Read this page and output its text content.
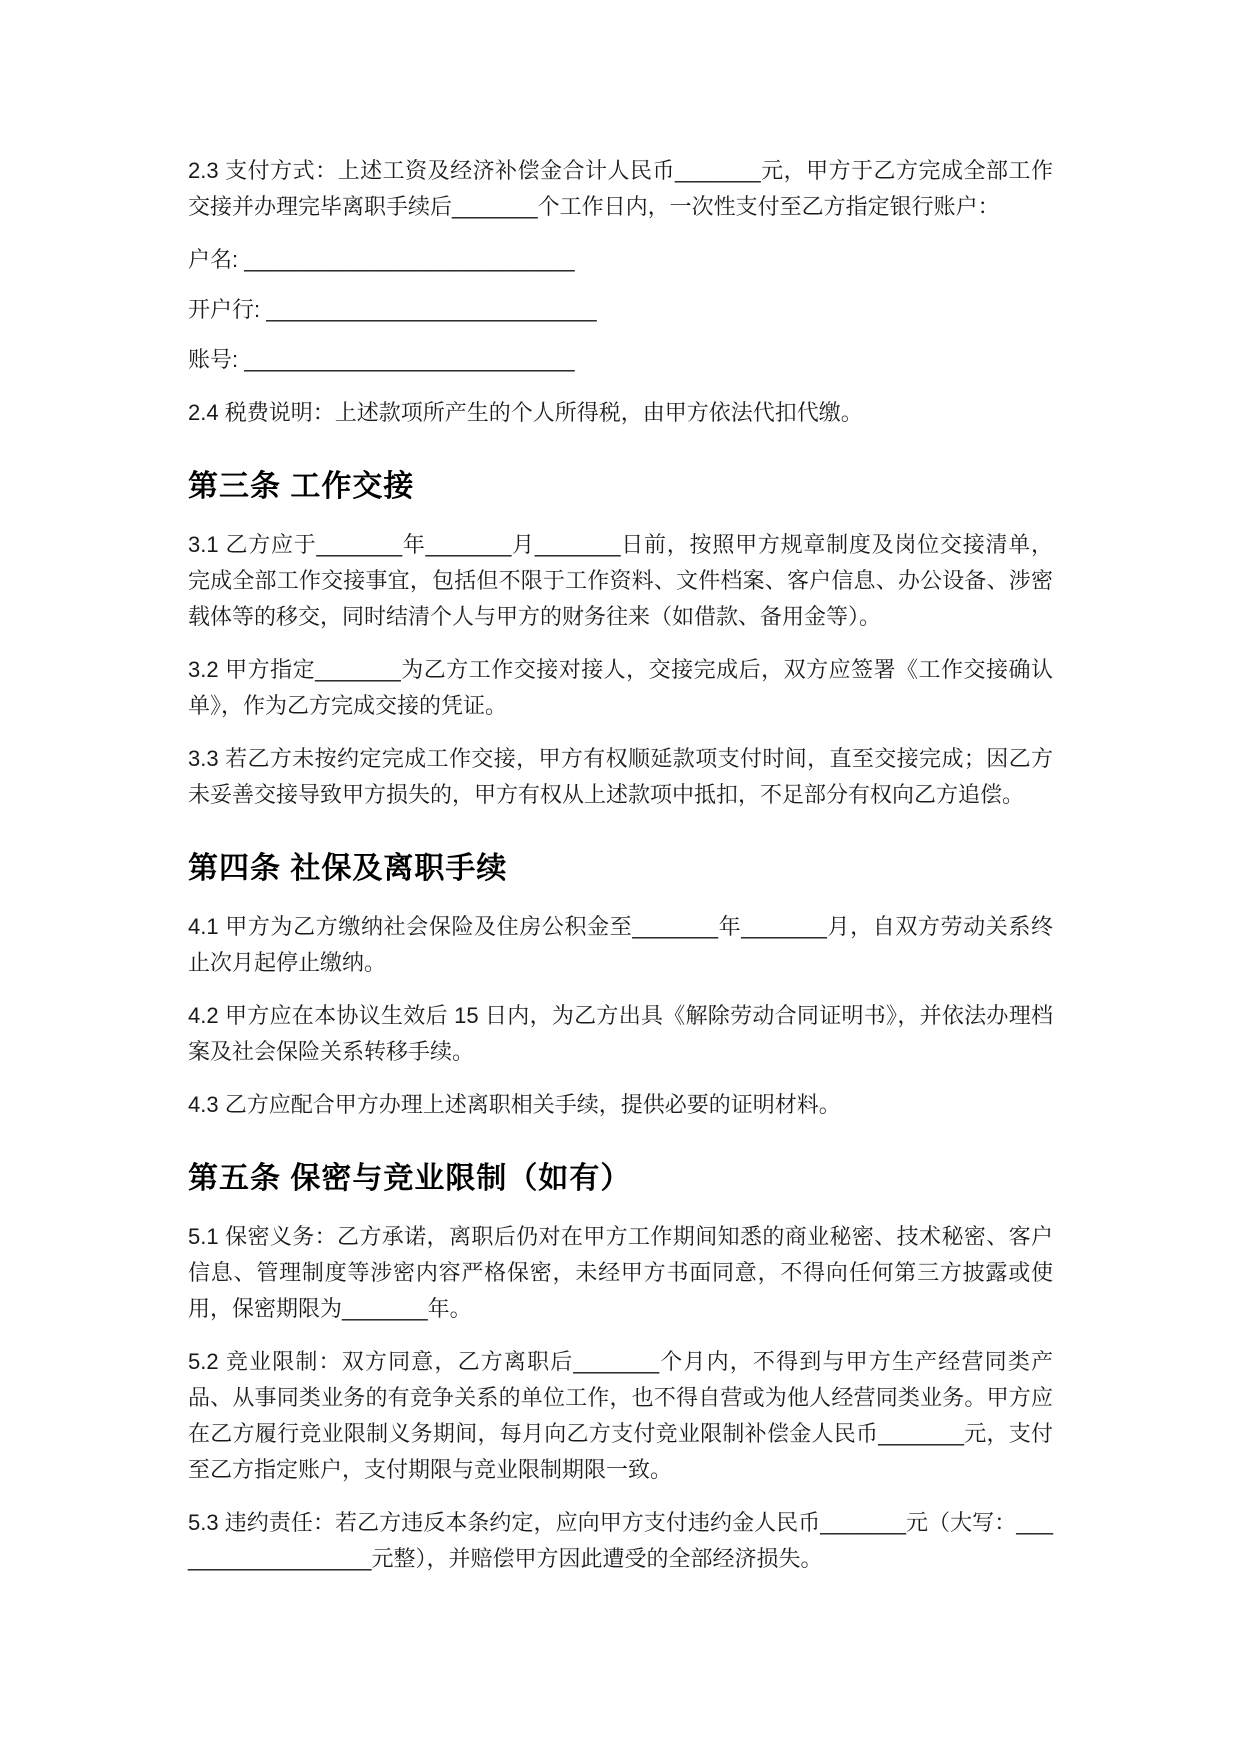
2.3 支付方式：上述工资及经济补偿金合计人民币_______元，甲方于乙方完成全部工作交接并办理完毕离职手续后_______个工作日内，一次性支付至乙方指定银行账户：

户名: ___________________________

开户行: ___________________________

账号: ___________________________

2.4 税费说明：上述款项所产生的个人所得税，由甲方依法代扣代缴。

第三条 工作交接

3.1 乙方应于_______年_______月_______日前，按照甲方规章制度及岗位交接清单，完成全部工作交接事宜，包括但不限于工作资料、文件档案、客户信息、办公设备、涉密载体等的移交，同时结清个人与甲方的财务往来（如借款、备用金等）。

3.2 甲方指定_______为乙方工作交接对接人，交接完成后，双方应签署《工作交接确认单》，作为乙方完成交接的凭证。

3.3 若乙方未按约定完成工作交接，甲方有权顺延款项支付时间，直至交接完成；因乙方未妥善交接导致甲方损失的，甲方有权从上述款项中抵扣，不足部分有权向乙方追偿。

第四条 社保及离职手续

4.1 甲方为乙方缴纳社会保险及住房公积金至_______年_______月，自双方劳动关系终止次月起停止缴纳。

4.2 甲方应在本协议生效后 15 日内，为乙方出具《解除劳动合同证明书》，并依法办理档案及社会保险关系转移手续。

4.3 乙方应配合甲方办理上述离职相关手续，提供必要的证明材料。

第五条 保密与竞业限制（如有）

5.1 保密义务：乙方承诺，离职后仍对在甲方工作期间知悉的商业秘密、技术秘密、客户信息、管理制度等涉密内容严格保密，未经甲方书面同意，不得向任何第三方披露或使用，保密期限为_______年。

5.2 竞业限制：双方同意，乙方离职后_______个月内，不得到与甲方生产经营同类产品、从事同类业务的有竞争关系的单位工作，也不得自营或为他人经营同类业务。甲方应在乙方履行竞业限制义务期间，每月向乙方支付竞业限制补偿金人民币_______元，支付至乙方指定账户，支付期限与竞业限制期限一致。

5.3 违约责任：若乙方违反本条约定，应向甲方支付违约金人民币_______元（大写：__________________元整），并赔偿甲方因此遭受的全部经济损失。
